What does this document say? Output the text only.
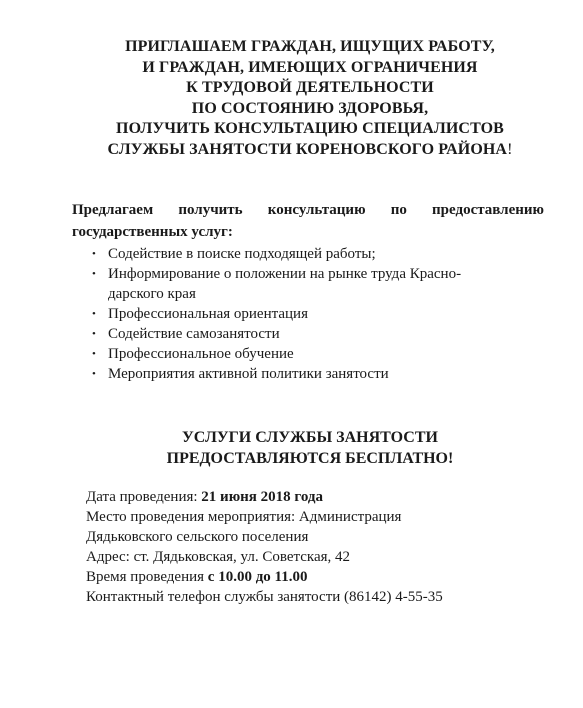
ПРИГЛАШАЕМ ГРАЖДАН, ИЩУЩИХ РАБОТУ,
И ГРАЖДАН, ИМЕЮЩИХ ОГРАНИЧЕНИЯ
К ТРУДОВОЙ ДЕЯТЕЛЬНОСТИ
ПО СОСТОЯНИЮ ЗДОРОВЬЯ,
ПОЛУЧИТЬ КОНСУЛЬТАЦИЮ СПЕЦИАЛИСТОВ
СЛУЖБЫ ЗАНЯТОСТИ КОРЕНОВСКОГО РАЙОНА!
Предлагаем получить консультацию по предоставлению
государственных услуг:
• Содействие в поиске подходящей работы;
• Информирование о положении на рынке труда Красно-
дарского края
• Профессиональная ориентация
• Содействие самозанятости
• Профессиональное обучение
• Мероприятия активной политики занятости
УСЛУГИ СЛУЖБЫ ЗАНЯТОСТИ
ПРЕДОСТАВЛЯЮТСЯ БЕСПЛАТНО!
Дата проведения: 21 июня 2018 года
Место проведения мероприятия: Администрация
Дядьковского сельского поселения
Адрес: ст. Дядьковская, ул. Советская, 42
Время проведения с 10.00 до 11.00
Контактный телефон службы занятости (86142) 4-55-35
